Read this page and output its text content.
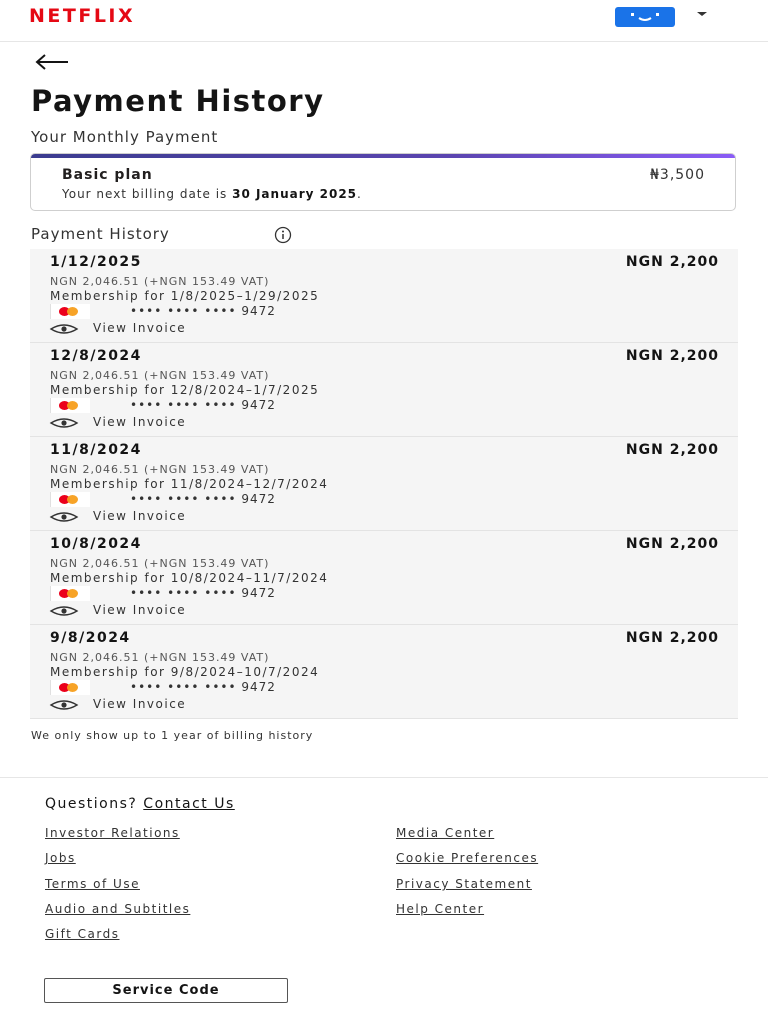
NETFLIX
Payment History
Your Monthly Payment
Basic plan	₦3,500
Your next billing date is 30 January 2025.
Payment History
1/12/2025	NGN 2,200
NGN 2,046.51 (+NGN 153.49 VAT)
Membership for 1/8/2025–1/29/2025
•••• •••• •••• 9472
View Invoice
12/8/2024	NGN 2,200
NGN 2,046.51 (+NGN 153.49 VAT)
Membership for 12/8/2024–1/7/2025
•••• •••• •••• 9472
View Invoice
11/8/2024	NGN 2,200
NGN 2,046.51 (+NGN 153.49 VAT)
Membership for 11/8/2024–12/7/2024
•••• •••• •••• 9472
View Invoice
10/8/2024	NGN 2,200
NGN 2,046.51 (+NGN 153.49 VAT)
Membership for 10/8/2024–11/7/2024
•••• •••• •••• 9472
View Invoice
9/8/2024	NGN 2,200
NGN 2,046.51 (+NGN 153.49 VAT)
Membership for 9/8/2024–10/7/2024
•••• •••• •••• 9472
View Invoice
We only show up to 1 year of billing history
Questions? Contact Us
Investor Relations
Jobs
Terms of Use
Audio and Subtitles
Gift Cards
Media Center
Cookie Preferences
Privacy Statement
Help Center
Service Code
